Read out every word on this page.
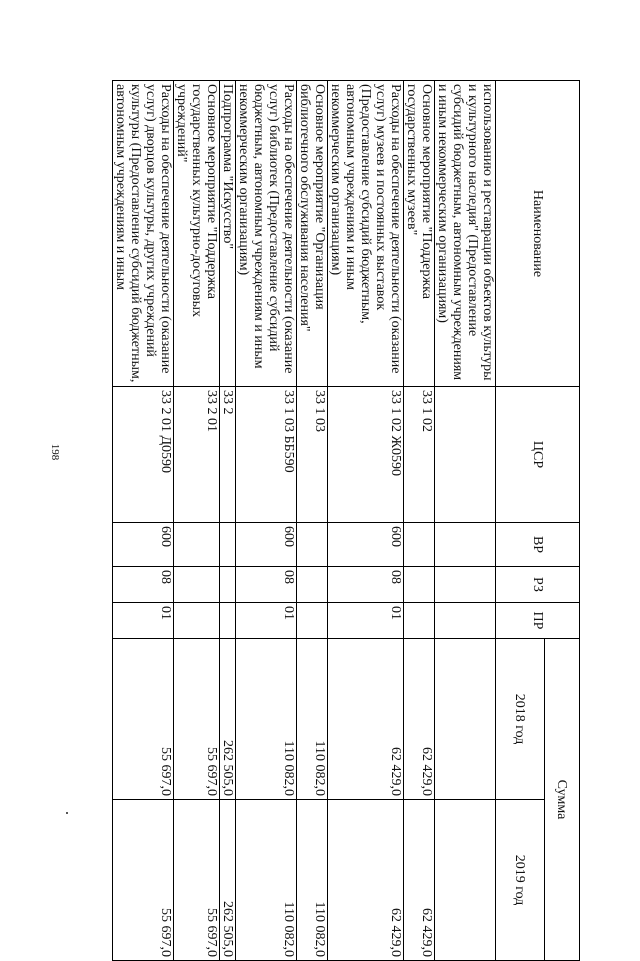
198
Наименование	ЦСР	ВР	РЗ	ПР	Сумма	
					2018 год	2019 год
использованию и реставрации объектов культуры и культурного наследия" (Предоставление субсидий бюджетным, автономным учреждениям и иным некоммерческим организациям)						
Основное мероприятие "Поддержка государственных музеев"	33 1 02				62 429,0	62 429,0
Расходы на обеспечение деятельности (оказание услуг) музеев и постоянных выставок (Предоставление субсидий бюджетным, автономным учреждениям и иным некоммерческим организациям)	33 1 02 Ж0590	600	08	01	62 429,0	62 429,0
Основное мероприятие "Организация библиотечного обслуживания населения"	33 1 03				110 082,0	110 082,0
Расходы на обеспечение деятельности (оказание услуг) библиотек (Предоставление субсидий бюджетным, автономным учреждениям и иным некоммерческим организациям)	33 1 03 ББ590	600	08	01	110 082,0	110 082,0
Подпрограмма "Искусство"	33 2				262 505,0	262 505,0
Основное мероприятие "Поддержка государственных культурно-досуговых учреждений"	33 2 01				55 697,0	55 697,0
Расходы на обеспечение деятельности (оказание услуг) дворцов культуры, других учреждений культуры (Предоставление субсидий бюджетным, автономным учреждениям и иным	33 2 01 Д0590	600	08	01	55 697,0	55 697,0
